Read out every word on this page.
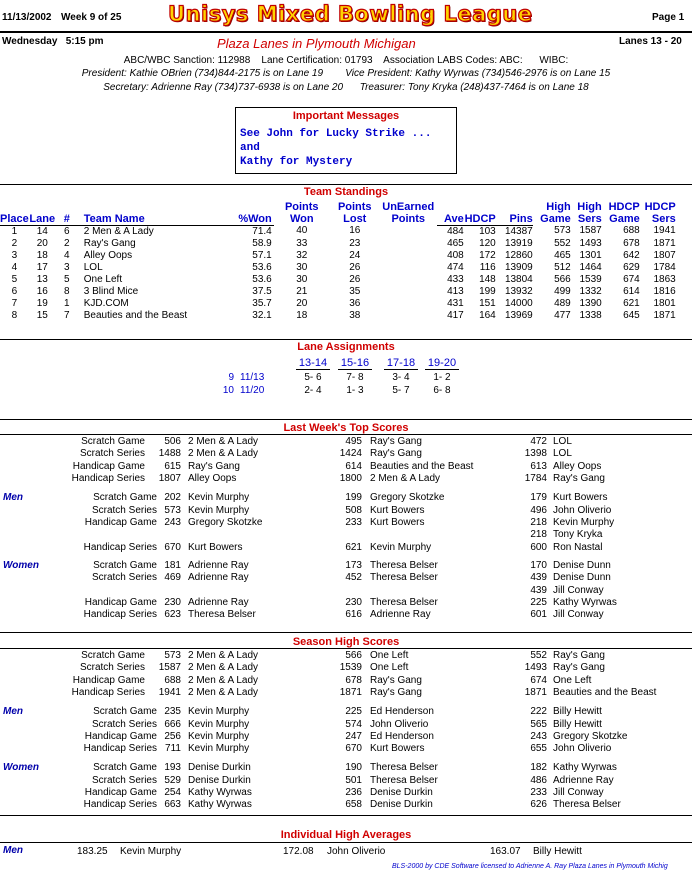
11/13/2002 Week 9 of 25 Unisys Mixed Bowling League	Page 1
Wednesday   5:15 pm	Plaza Lanes in Plymouth Michigan	Lanes 13 - 20
ABC/WBC Sanction: 112988    Lane Certification: 01793    Association LABS Codes: ABC:      WIBC:
President: Kathie OBrien (734)844-2175 is on Lane 19        Vice President: Kathy Wyrwas (734)546-2976 is on Lane 15
Secretary: Adrienne Ray (734)737-6938 is on Lane 20      Treasurer: Tony Kryka (248)437-7464 is on Lane 18
Important Messages
See John for Lucky Strike ...
and
Kathy for Mystery
Team Standings
Place	Lane	#	Team Name	%Won	Points Won	Points Lost	UnEarned Points	Ave	HDCP	Pins	High Game	High Sers	HDCP Game	HDCP Sers
1	14	6	2 Men & A Lady	71.4	40	16		484	103	14387	573	1587	688	1941
2	20	2	Ray's Gang	58.9	33	23		465	120	13919	552	1493	678	1871
3	18	4	Alley Oops	57.1	32	24		408	172	12860	465	1301	642	1807
4	17	3	LOL	53.6	30	26		474	116	13909	512	1464	629	1784
5	13	5	One Left	53.6	30	26		433	148	13804	566	1539	674	1863
6	16	8	3 Blind Mice	37.5	21	35		413	199	13932	499	1332	614	1816
7	19	1	KJD.COM	35.7	20	36		431	151	14000	489	1390	621	1801
8	15	7	Beauties and the Beast	32.1	18	38		417	164	13969	477	1338	645	1871
Lane Assignments
13-14 15-16 17-18 19-20
9 11/13	5- 6	7- 8	3- 4	1- 2
10 11/20	2- 4	1- 3	5- 7	6- 8
Last Week's Top Scores
Scratch Game 506 2 Men & A Lady	495 Ray's Gang	472 LOL
Scratch Series 1488 2 Men & A Lady	1424 Ray's Gang	1398 LOL
Handicap Game 615 Ray's Gang	614 Beauties and the Beast	613 Alley Oops
Handicap Series 1807 Alley Oops	1800 2 Men & A Lady	1784 Ray's Gang
Men	Scratch Game 202 Kevin Murphy	199 Gregory Skotzke	179 Kurt Bowers
Scratch Series 573 Kevin Murphy	508 Kurt Bowers	496 John Oliverio
Handicap Game 243 Gregory Skotzke	233 Kurt Bowers	218 Kevin Murphy
218 Tony Kryka
Handicap Series 670 Kurt Bowers	621 Kevin Murphy	600 Ron Nastal
Women	Scratch Game 181 Adrienne Ray	173 Theresa Belser	170 Denise Dunn
Scratch Series 469 Adrienne Ray	452 Theresa Belser	439 Denise Dunn
439 Jill Conway
Handicap Game 230 Adrienne Ray	230 Theresa Belser	225 Kathy Wyrwas
Handicap Series 623 Theresa Belser	616 Adrienne Ray	601 Jill Conway
Season High Scores
Scratch Game 573 2 Men & A Lady	566 One Left	552 Ray's Gang
Scratch Series 1587 2 Men & A Lady	1539 One Left	1493 Ray's Gang
Handicap Game 688 2 Men & A Lady	678 Ray's Gang	674 One Left
Handicap Series 1941 2 Men & A Lady	1871 Ray's Gang	1871 Beauties and the Beast
Men	Scratch Game 235 Kevin Murphy	225 Ed Henderson	222 Billy Hewitt
Scratch Series 666 Kevin Murphy	574 John Oliverio	565 Billy Hewitt
Handicap Game 256 Kevin Murphy	247 Ed Henderson	243 Gregory Skotzke
Handicap Series 711 Kevin Murphy	670 Kurt Bowers	655 John Oliverio
Women	Scratch Game 193 Denise Durkin	190 Theresa Belser	182 Kathy Wyrwas
Scratch Series 529 Denise Durkin	501 Theresa Belser	486 Adrienne Ray
Handicap Game 254 Kathy Wyrwas	236 Denise Durkin	233 Jill Conway
Handicap Series 663 Kathy Wyrwas	658 Denise Durkin	626 Theresa Belser
Individual High Averages
Men	183.25 Kevin Murphy	172.08 John Oliverio	163.07 Billy Hewitt
BLS-2000 by CDE Software licensed to Adrienne A. Ray Plaza Lanes in Plymouth Michig
